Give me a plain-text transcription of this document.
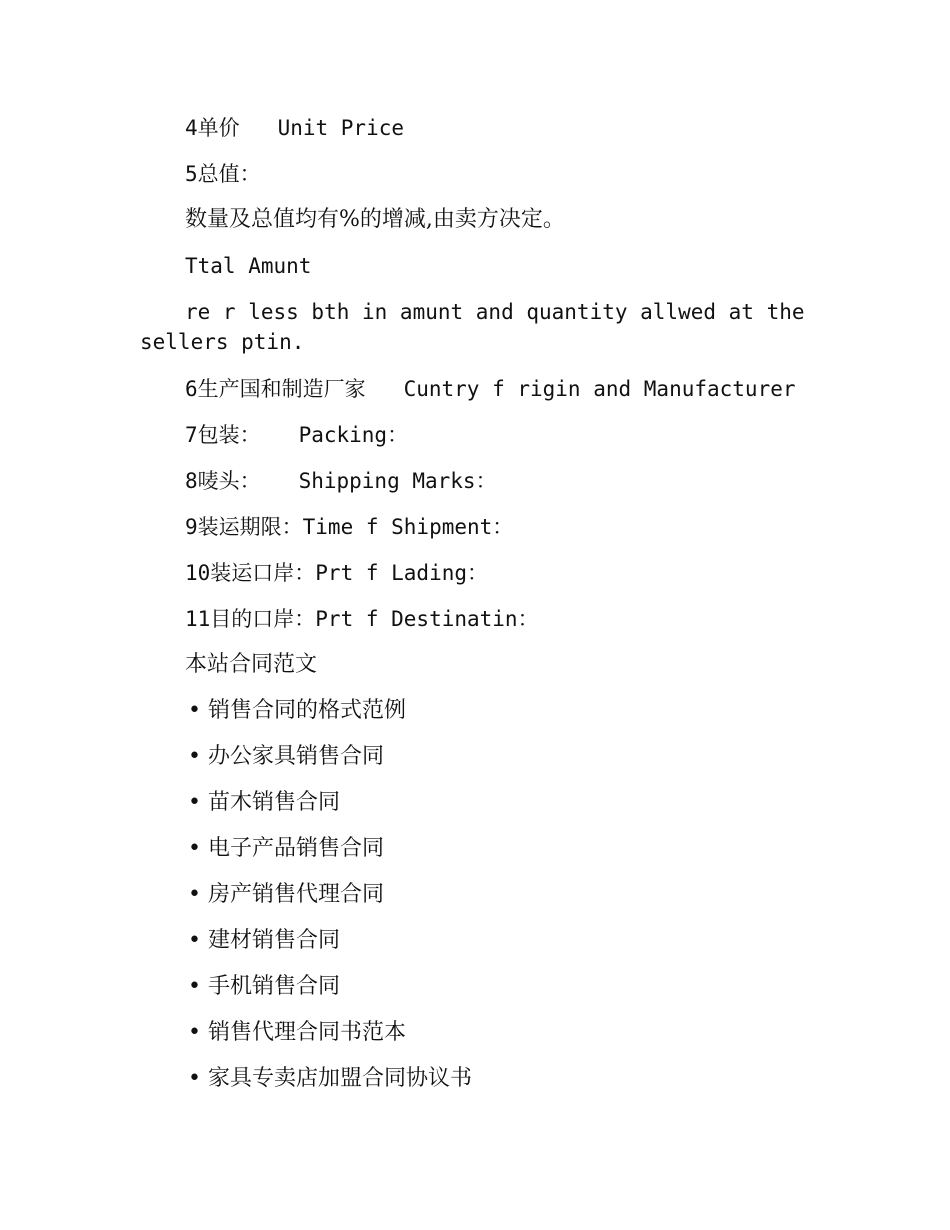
4单价   Unit Price
5总值：
数量及总值均有%的增减,由卖方决定。
Ttal Amunt
re r less bth in amunt and quantity allwed at the
sellers ptin.
6生产国和制造厂家   Cuntry f rigin and Manufacturer
7包装：   Packing：
8唛头：   Shipping Marks：
9装运期限：Time f Shipment：
10装运口岸：Prt f Lading：
11目的口岸：Prt f Destinatin：
本站合同范文
• 销售合同的格式范例
• 办公家具销售合同
• 苗木销售合同
• 电子产品销售合同
• 房产销售代理合同
• 建材销售合同
• 手机销售合同
• 销售代理合同书范本
• 家具专卖店加盟合同协议书
